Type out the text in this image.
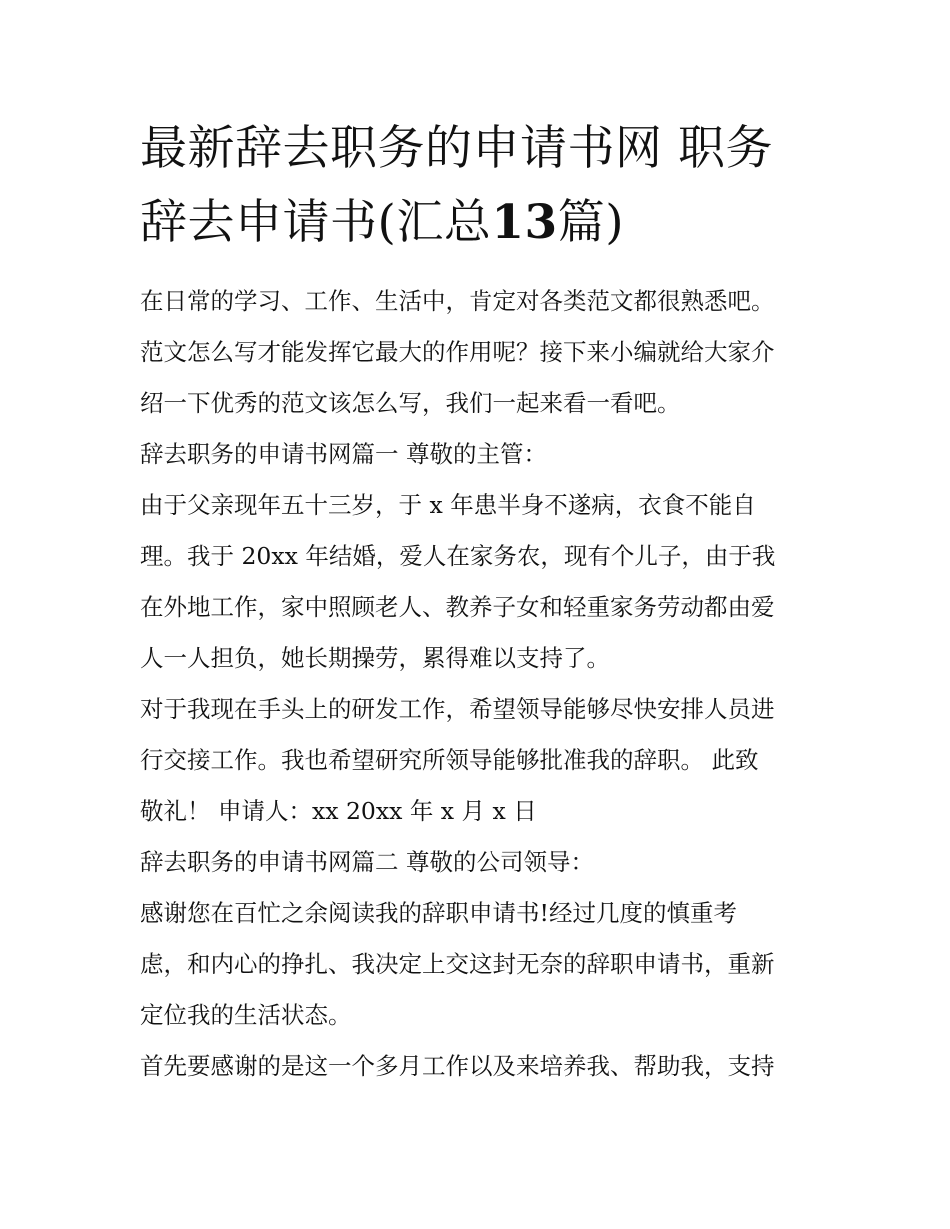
最新辞去职务的申请书网 职务
辞去申请书(汇总13篇)
在日常的学习、工作、生活中，肯定对各类范文都很熟悉吧。
范文怎么写才能发挥它最大的作用呢？接下来小编就给大家介
绍一下优秀的范文该怎么写，我们一起来看一看吧。
辞去职务的申请书网篇一 尊敬的主管：
由于父亲现年五十三岁，于 x 年患半身不遂病，衣食不能自
理。我于 20xx 年结婚，爱人在家务农，现有个儿子，由于我
在外地工作，家中照顾老人、教养子女和轻重家务劳动都由爱
人一人担负，她长期操劳，累得难以支持了。
对于我现在手头上的研发工作，希望领导能够尽快安排人员进
行交接工作。我也希望研究所领导能够批准我的辞职。 此致
敬礼！ 申请人：xx 20xx 年 x 月 x 日
辞去职务的申请书网篇二 尊敬的公司领导：
感谢您在百忙之余阅读我的辞职申请书!经过几度的慎重考
虑，和内心的挣扎、我决定上交这封无奈的辞职申请书，重新
定位我的生活状态。
首先要感谢的是这一个多月工作以及来培养我、帮助我，支持
